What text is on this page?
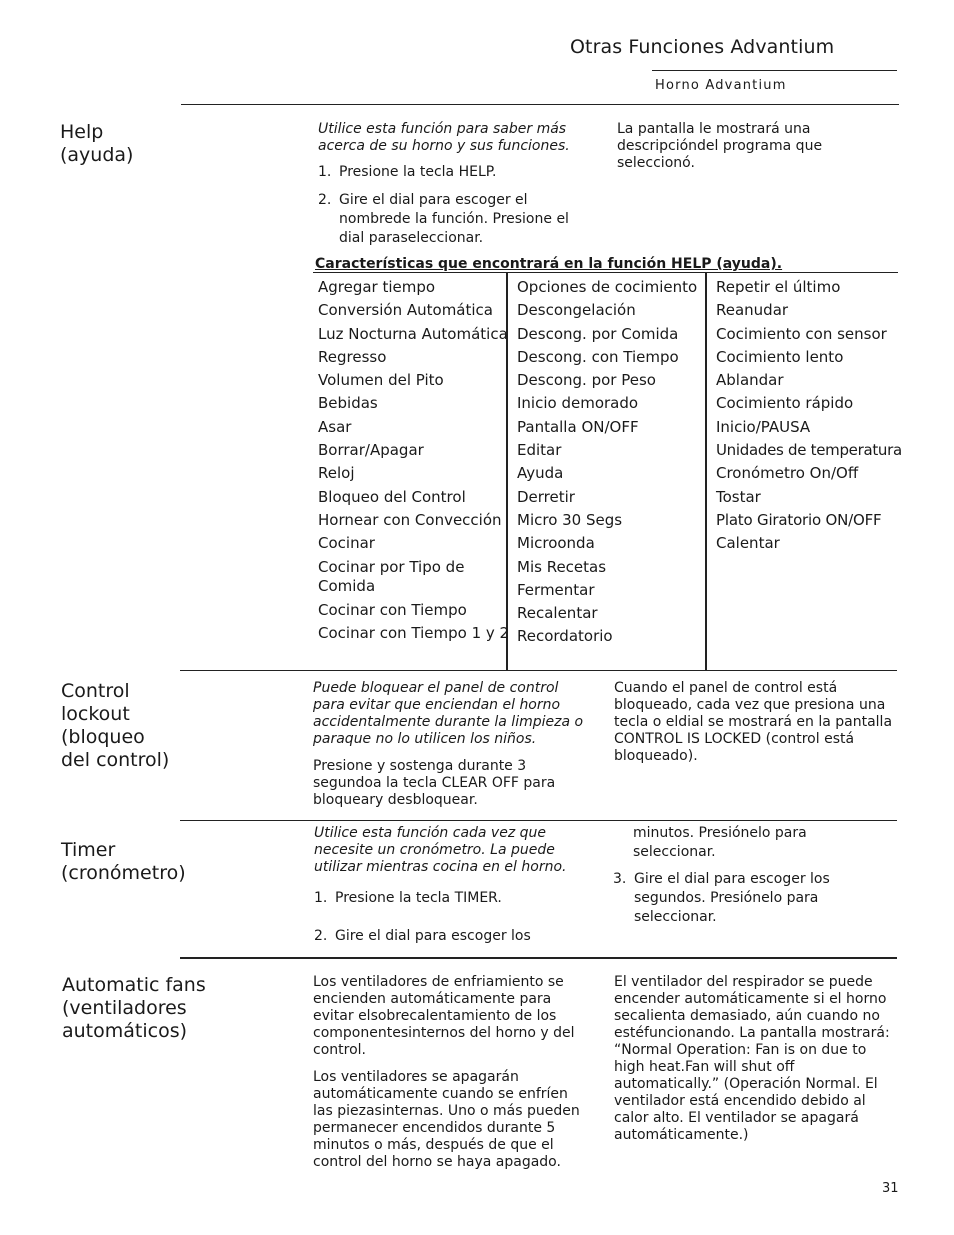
Otras Funciones Advantium
Horno Advantium
Help
(ayuda)
Utilice esta función para saber más acerca de su horno y sus funciones.
1. Presione la tecla HELP.
2. Gire el dial para escoger el nombrede la función. Presione el dial paraseleccionar.
La pantalla le mostrará una descripcióndel programa que seleccionó.
Características que encontrará en la función HELP (ayuda).
Agregar tiempo
Conversión Automática
Luz Nocturna Automática
Regresso
Volumen del Pito
Bebidas
Asar
Borrar/Apagar
Reloj
Bloqueo del Control
Hornear con Convección
Cocinar
Cocinar por Tipo de
Comida
Cocinar con Tiempo
Cocinar con Tiempo 1 y 2
Opciones de cocimiento
Descongelación
Descong. por Comida
Descong. con Tiempo
Descong. por Peso
Inicio demorado
Pantalla ON/OFF
Editar
Ayuda
Derretir
Micro 30 Segs
Microonda
Mis Recetas
Fermentar
Recalentar
Recordatorio
Repetir el último
Reanudar
Cocimiento con sensor
Cocimiento lento
Ablandar
Cocimiento rápido
Inicio/PAUSA
Unidades de temperatura
Cronómetro On/Off
Tostar
Plato Giratorio ON/OFF
Calentar
Control
lockout
(bloqueo
del control)
Puede bloquear el panel de control para evitar que enciendan el horno accidentalmente durante la limpieza o paraque no lo utilicen los niños.
Presione y sostenga durante 3 segundoa la tecla CLEAR OFF para bloqueary desbloquear.
Cuando el panel de control está bloqueado, cada vez que presiona una tecla o eldial se mostrará en la pantalla CONTROL IS LOCKED (control está bloqueado).
Timer
(cronómetro)
Utilice esta función cada vez que necesite un cronómetro. La puede utilizar mientras cocina en el horno.
1. Presione la tecla TIMER.
2. Gire el dial para escoger los
minutos. Presiónelo para seleccionar.
3. Gire el dial para escoger los segundos. Presiónelo para seleccionar.
Automatic fans
(ventiladores
automáticos)
Los ventiladores de enfriamiento se encienden automáticamente para evitar elsobrecalentamiento de los componentesinternos del horno y del control.
Los ventiladores se apagarán automáticamente cuando se enfríen las piezasinternas. Uno o más pueden permanecer encendidos durante 5 minutos o más, después de que el control del horno se haya apagado.
El ventilador del respirador se puede encender automáticamente si el horno secalienta demasiado, aún cuando no estéfuncionando. La pantalla mostrará: “Normal Operation: Fan is on due to high heat.Fan will shut off automatically.” (Operación Normal. El ventilador está encendido debido al calor alto. El ventilador se apagará automáticamente.)
31
